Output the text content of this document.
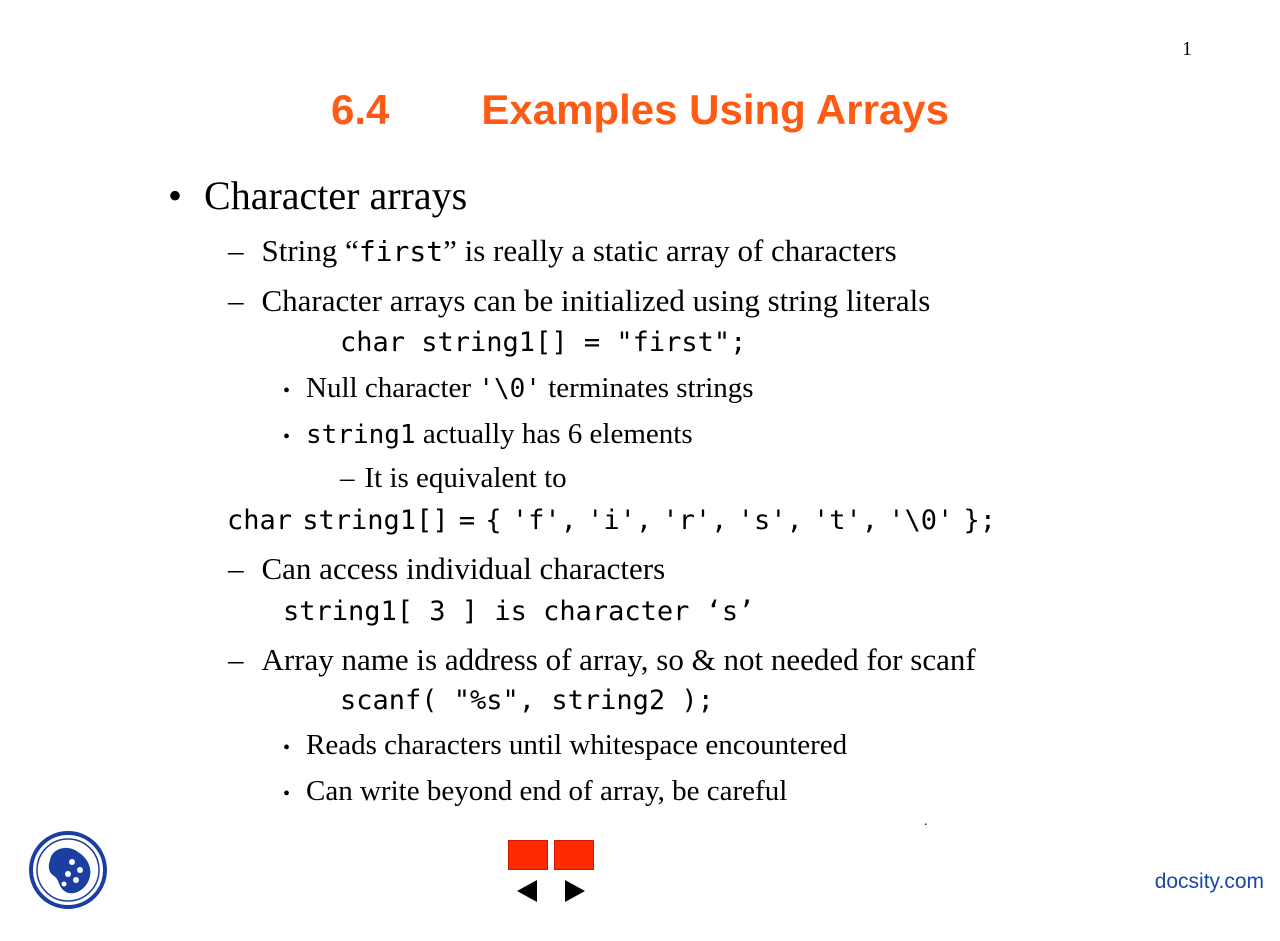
1
6.4 Examples Using Arrays
• Character arrays
– String “first” is really a static array of characters
– Character arrays can be initialized using string literals
char string1[] = "first";
• Null character '\0' terminates strings
• string1 actually has 6 elements
– It is equivalent to
char string1[] = { 'f', 'i', 'r', 's', 't', '\0' };
– Can access individual characters
string1[ 3 ] is character ‘s’
– Array name is address of array, so & not needed for scanf
scanf( "%s", string2 );
• Reads characters until whitespace encountered
• Can write beyond end of array, be careful
.

docsity.com
